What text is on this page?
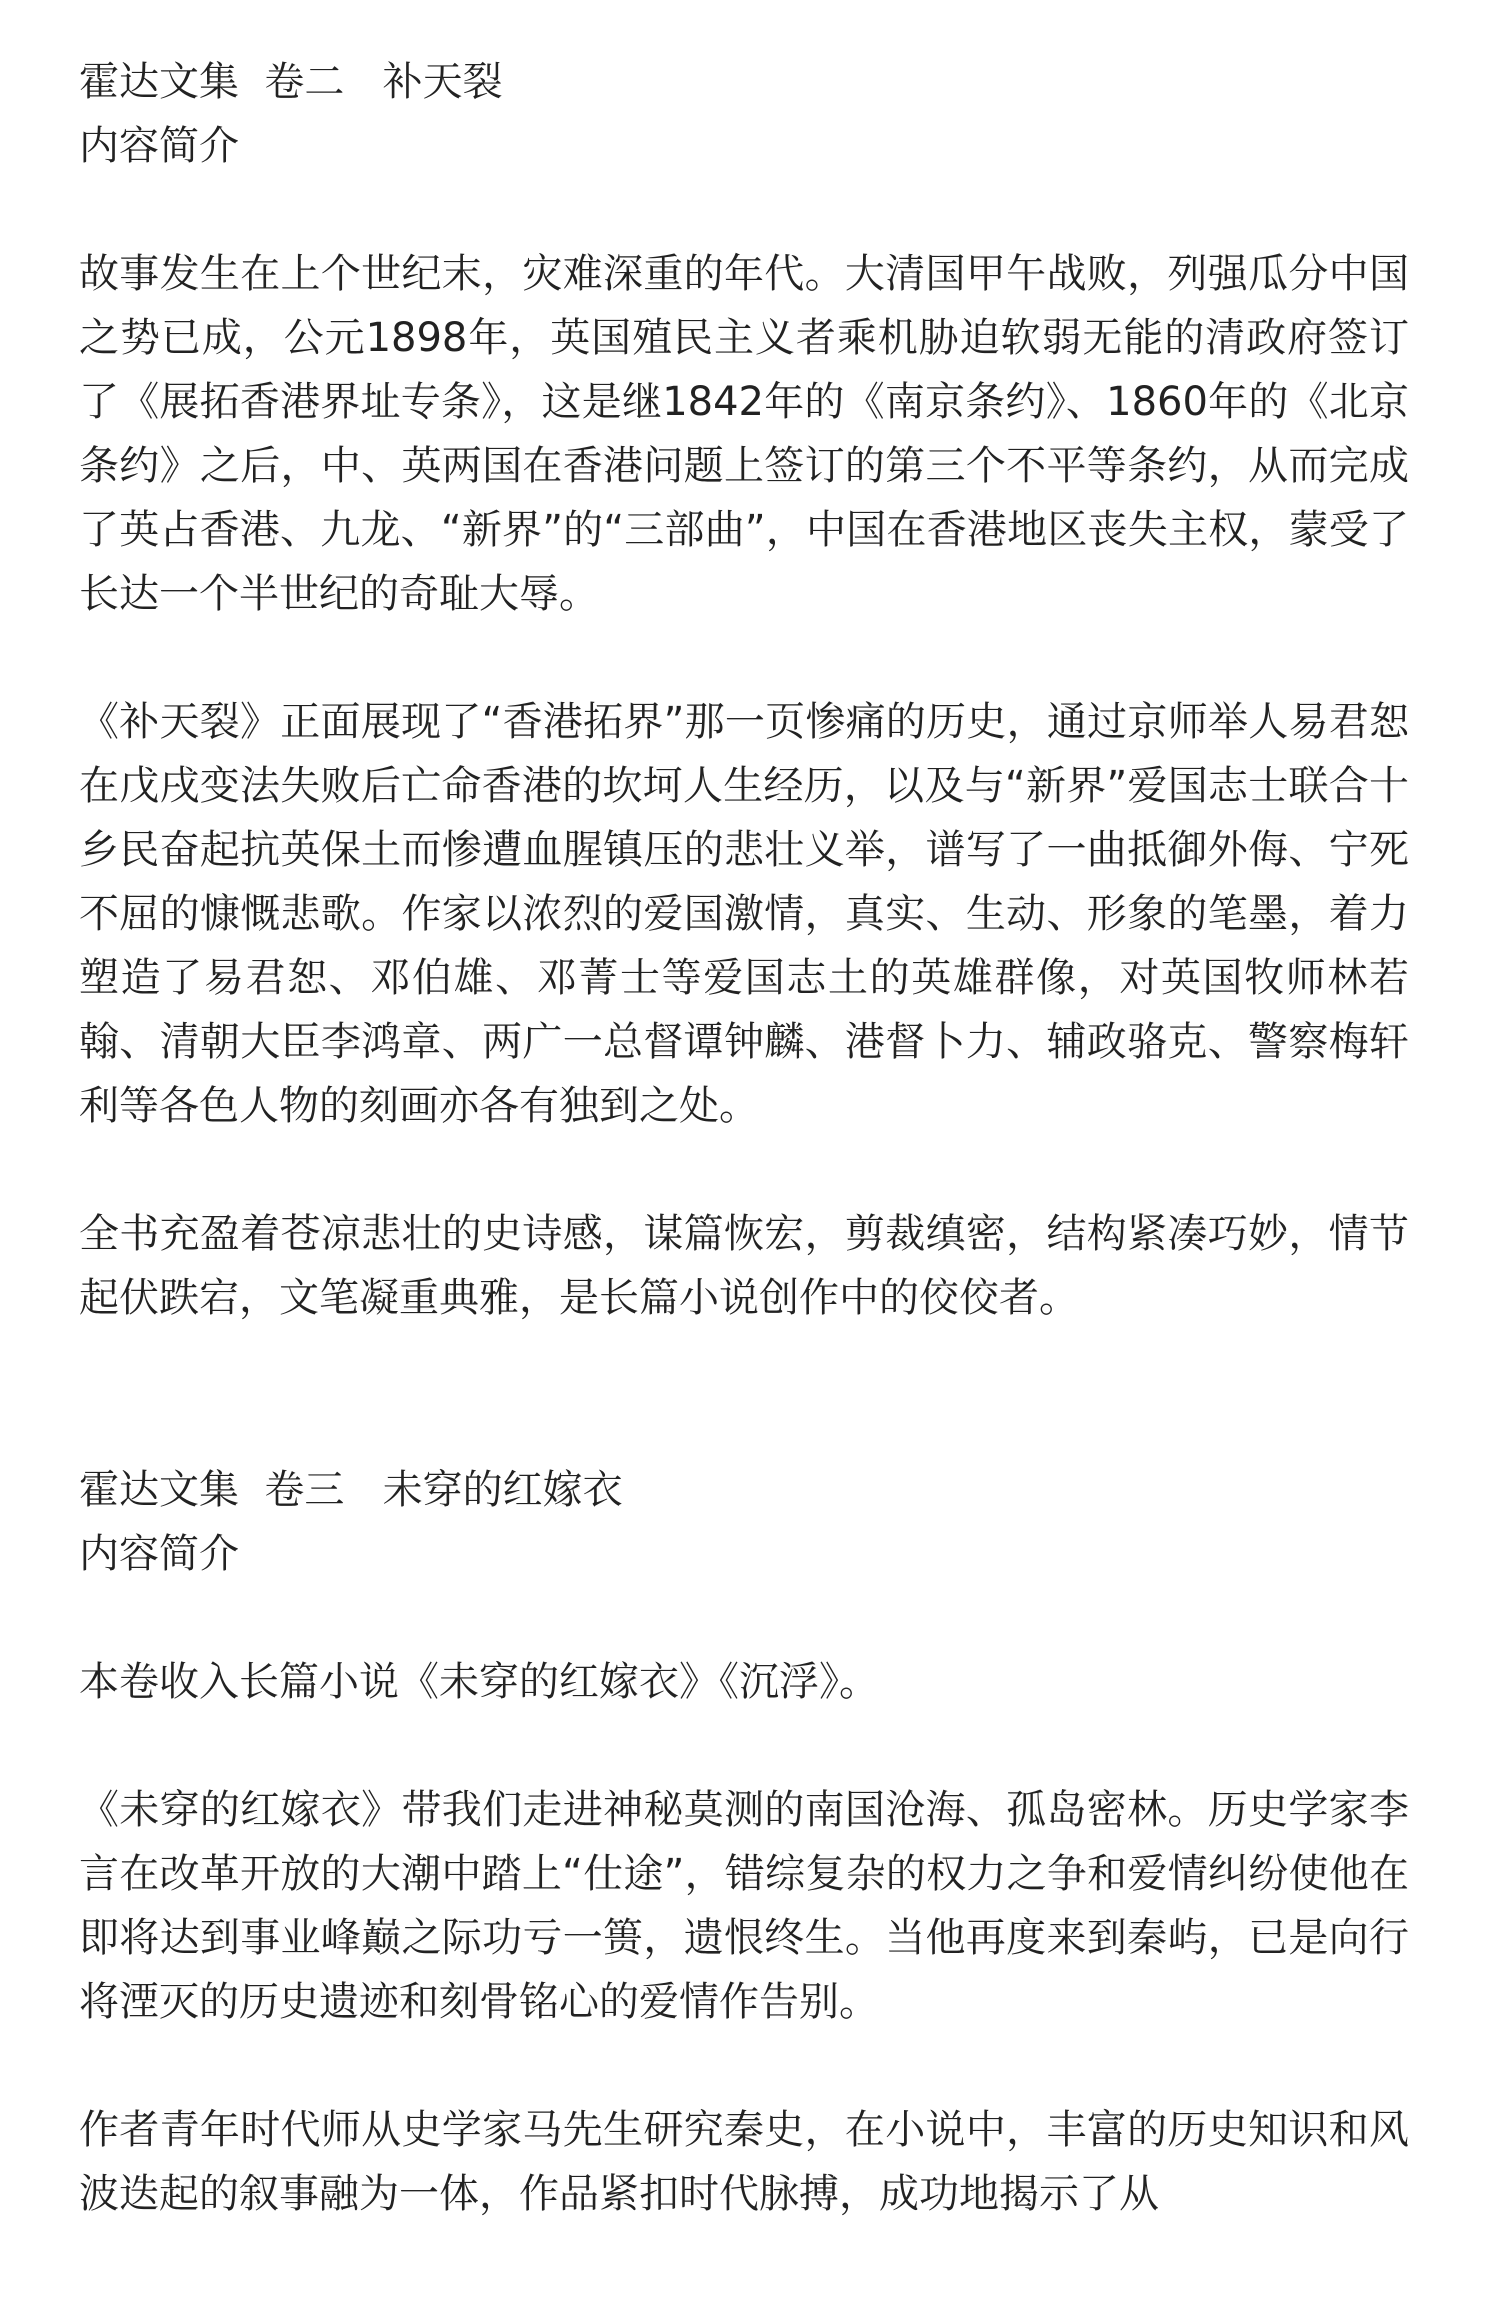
霍达文集  卷二   补天裂
内容简介

故事发生在上个世纪末，灾难深重的年代。大清国甲午战败，列强瓜分中国之势已成，公元1898年，英国殖民主义者乘机胁迫软弱无能的清政府签订了《展拓香港界址专条》，这是继1842年的《南京条约》、1860年的《北京条约》之后，中、英两国在香港问题上签订的第三个不平等条约，从而完成了英占香港、九龙、“新界”的“三部曲”，中国在香港地区丧失主权，蒙受了长达一个半世纪的奇耻大辱。

《补天裂》正面展现了“香港拓界”那一页惨痛的历史，通过京师举人易君恕在戊戌变法失败后亡命香港的坎坷人生经历，以及与“新界”爱国志士联合十乡民奋起抗英保土而惨遭血腥镇压的悲壮义举，谱写了一曲抵御外侮、宁死不屈的慷慨悲歌。作家以浓烈的爱国激情，真实、生动、形象的笔墨，着力塑造了易君恕、邓伯雄、邓菁士等爱国志土的英雄群像，对英国牧师林若翰、清朝大臣李鸿章、两广一总督谭钟麟、港督卜力、辅政骆克、警察梅轩利等各色人物的刻画亦各有独到之处。

全书充盈着苍凉悲壮的史诗感，谋篇恢宏，剪裁缜密，结构紧凑巧妙，情节起伏跌宕，文笔凝重典雅，是长篇小说创作中的佼佼者。

霍达文集  卷三   未穿的红嫁衣
内容简介

本卷收入长篇小说《未穿的红嫁衣》《沉浮》。

《未穿的红嫁衣》带我们走进神秘莫测的南国沧海、孤岛密林。历史学家李言在改革开放的大潮中踏上“仕途”，错综复杂的权力之争和爱情纠纷使他在即将达到事业峰巅之际功亏一篑，遗恨终生。当他再度来到秦屿，已是向行将湮灭的历史遗迹和刻骨铭心的爱情作告别。

作者青年时代师从史学家马先生研究秦史，在小说中，丰富的历史知识和风波迭起的叙事融为一体，作品紧扣时代脉搏，成功地揭示了从
